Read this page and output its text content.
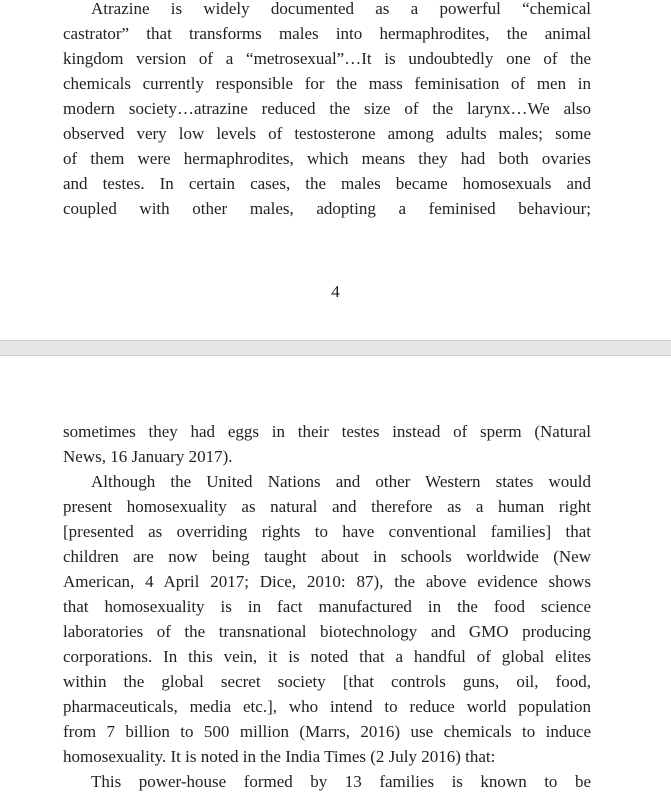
Atrazine is widely documented as a powerful “chemical
castrator” that transforms males into hermaphrodites, the animal
kingdom version of a “metrosexual”…It is undoubtedly one of the
chemicals currently responsible for the mass feminisation of men in
modern society…atrazine reduced the size of the larynx…We also
observed very low levels of testosterone among adults males; some
of them were hermaphrodites, which means they had both ovaries
and testes. In certain cases, the males became homosexuals and
coupled with other males, adopting a feminised behaviour;
4
sometimes they had eggs in their testes instead of sperm (Natural
News, 16 January 2017).
Although the United Nations and other Western states would
present homosexuality as natural and therefore as a human right
[presented as overriding rights to have conventional families] that
children are now being taught about in schools worldwide (New
American, 4 April 2017; Dice, 2010: 87), the above evidence shows
that homosexuality is in fact manufactured in the food science
laboratories of the transnational biotechnology and GMO producing
corporations. In this vein, it is noted that a handful of global elites
within the global secret society [that controls guns, oil, food,
pharmaceuticals, media etc.], who intend to reduce world population
from 7 billion to 500 million (Marrs, 2016) use chemicals to induce
homosexuality. It is noted in the India Times (2 July 2016) that:
This power-house formed by 13 families is known to be
